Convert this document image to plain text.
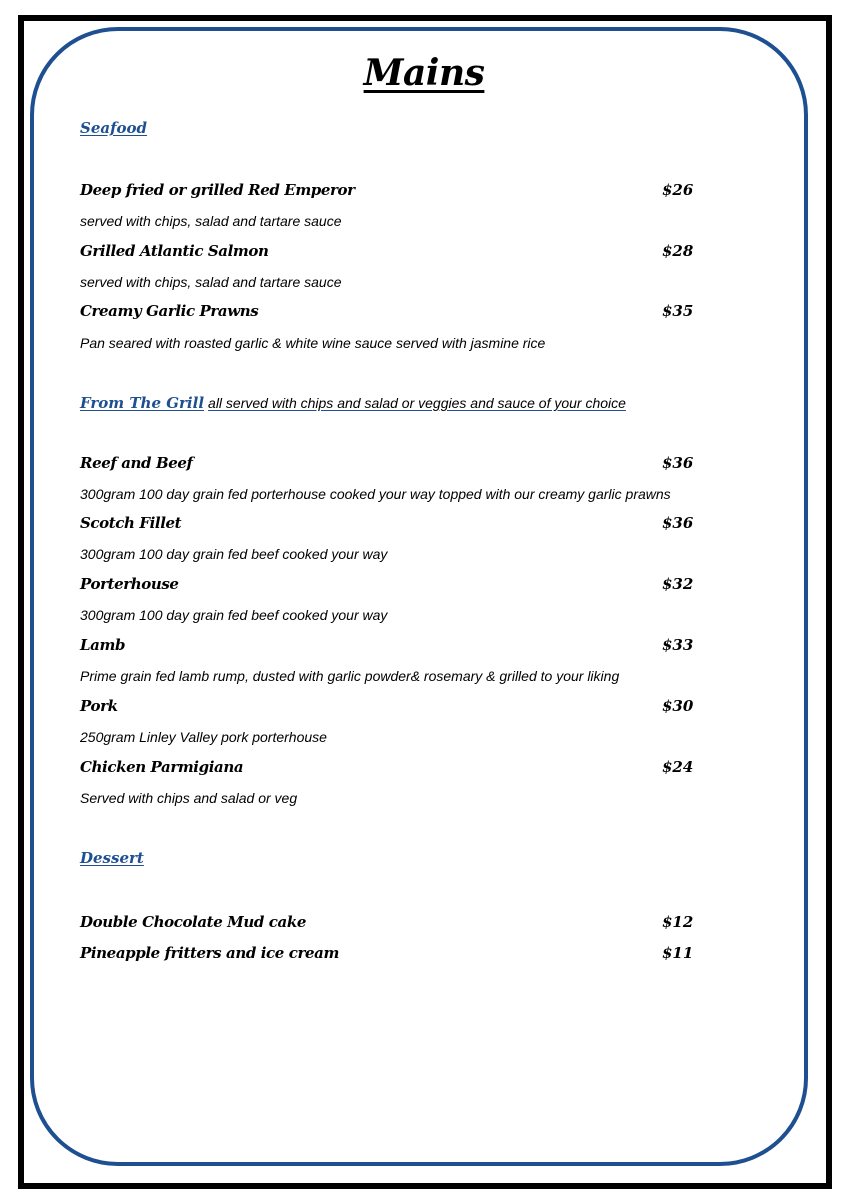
Mains
Seafood
Deep fried or grilled Red Emperor	$26
served with chips, salad and tartare sauce
Grilled Atlantic Salmon	$28
served with chips, salad and tartare sauce
Creamy Garlic Prawns	$35
Pan seared with roasted garlic & white wine sauce served with jasmine rice
From The Grill all served with chips and salad or veggies and sauce of your choice
Reef and Beef	$36
300gram 100 day grain fed porterhouse cooked your way topped with our creamy garlic prawns
Scotch Fillet	$36
300gram 100 day grain fed beef cooked your way
Porterhouse	$32
300gram 100 day grain fed beef cooked your way
Lamb	$33
Prime grain fed lamb rump, dusted with garlic powder& rosemary & grilled to your liking
Pork	$30
250gram Linley Valley pork porterhouse
Chicken Parmigiana	$24
Served with chips and salad or veg
Dessert
Double Chocolate Mud cake	$12
Pineapple fritters and ice cream	$11
